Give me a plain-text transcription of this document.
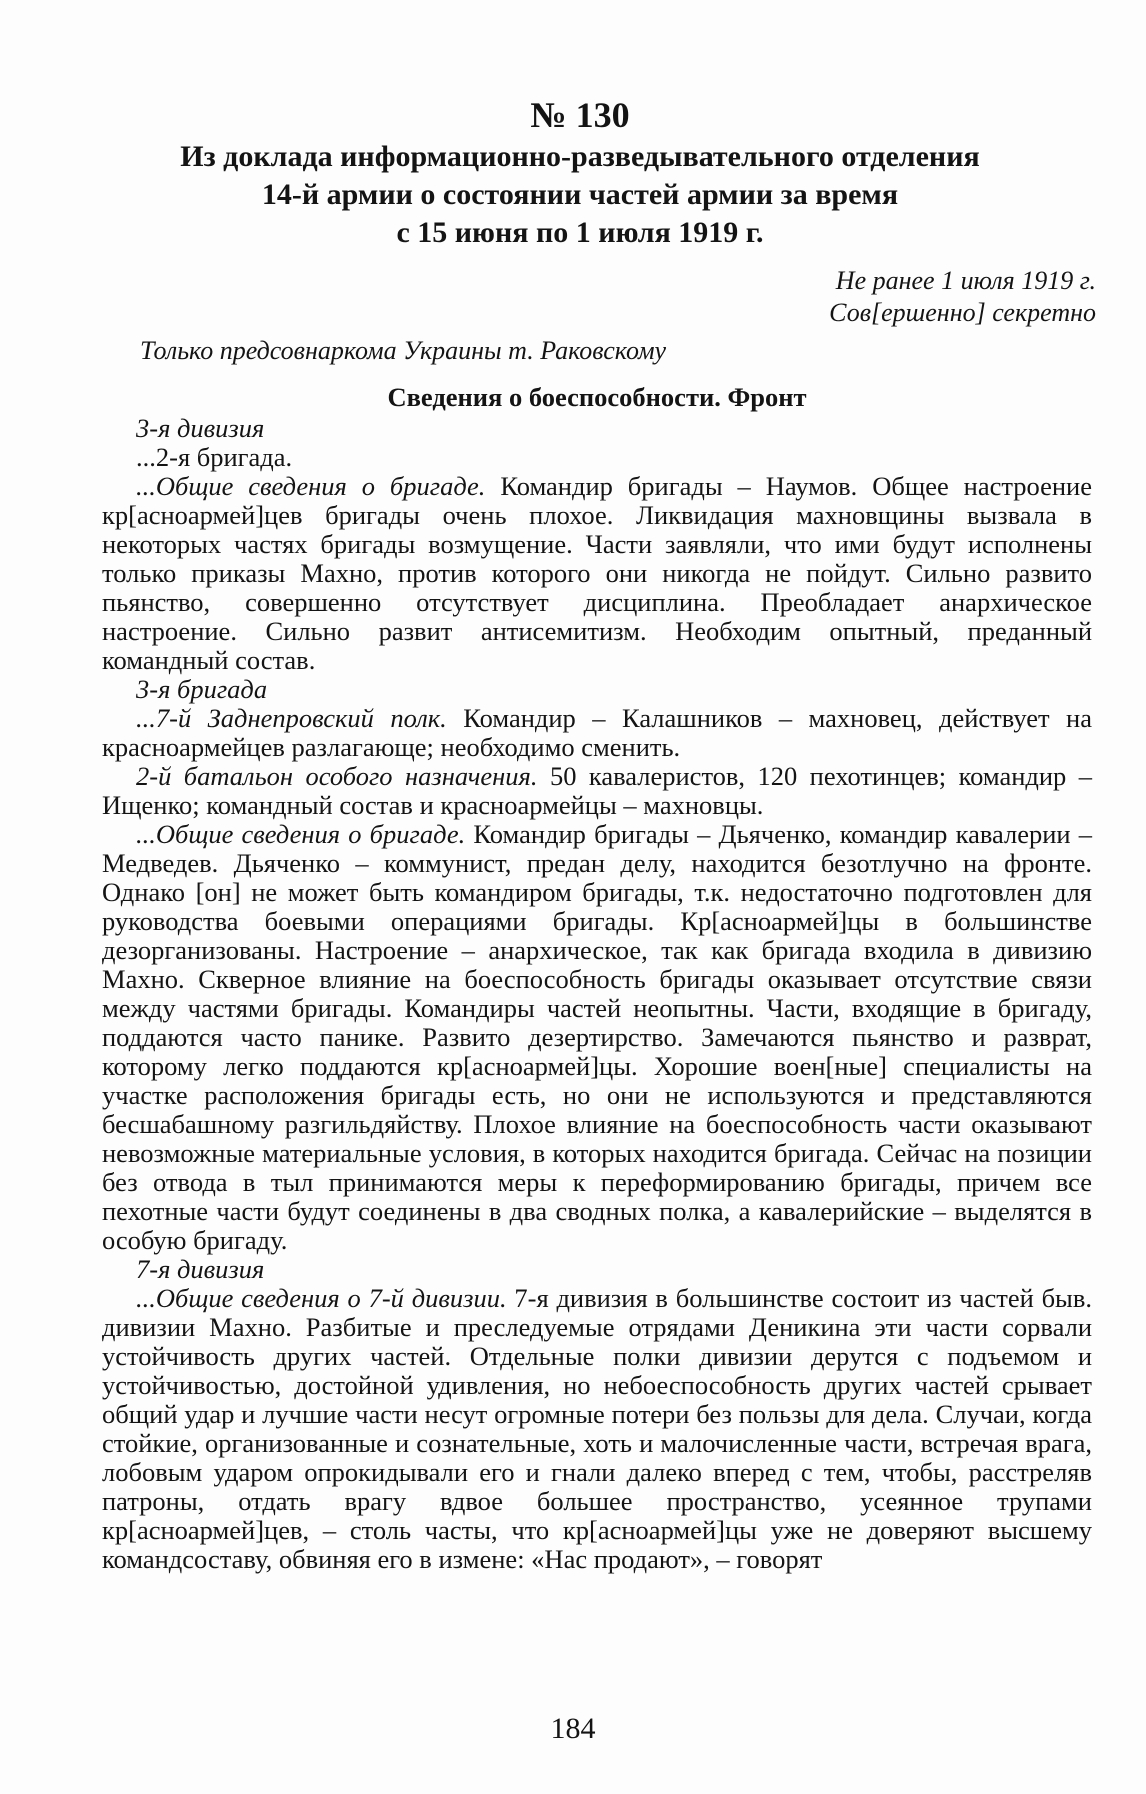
№ 130
Из доклада информационно-разведывательного отделения
14-й армии о состоянии частей армии за время
с 15 июня по 1 июля 1919 г.
Не ранее 1 июля 1919 г.
Сов[ершенно] секретно
Только предсовнаркома Украины т. Раковскому
Сведения о боеспособности. Фронт
3-я дивизия
...2-я бригада.
...Общие сведения о бригаде. Командир бригады – Наумов. Общее настроение кр[асноармей]цев бригады очень плохое. Ликвидация махновщины вызвала в некоторых частях бригады возмущение. Части заявляли, что ими будут исполнены только приказы Махно, против которого они никогда не пойдут. Сильно развито пьянство, совершенно отсутствует дисциплина. Преобладает анархическое настроение. Сильно развит антисемитизм. Необходим опытный, преданный командный состав.
3-я бригада
...7-й Заднепровский полк. Командир – Калашников – махновец, действует на красноармейцев разлагающе; необходимо сменить.
2-й батальон особого назначения. 50 кавалеристов, 120 пехотинцев; командир – Ищенко; командный состав и красноармейцы – махновцы.
...Общие сведения о бригаде. Командир бригады – Дьяченко, командир кавалерии – Медведев. Дьяченко – коммунист, предан делу, находится безотлучно на фронте. Однако [он] не может быть командиром бригады, т.к. недостаточно подготовлен для руководства боевыми операциями бригады. Кр[асноармей]цы в большинстве дезорганизованы. Настроение – анархическое, так как бригада входила в дивизию Махно. Скверное влияние на боеспособность бригады оказывает отсутствие связи между частями бригады. Командиры частей неопытны. Части, входящие в бригаду, поддаются часто панике. Развито дезертирство. Замечаются пьянство и разврат, которому легко поддаются кр[асноармей]цы. Хорошие воен[ные] специалисты на участке расположения бригады есть, но они не используются и представляются бесшабашному разгильдяйству. Плохое влияние на боеспособность части оказывают невозможные материальные условия, в которых находится бригада. Сейчас на позиции без отвода в тыл принимаются меры к переформированию бригады, причем все пехотные части будут соединены в два сводных полка, а кавалерийские – выделятся в особую бригаду.
7-я дивизия
...Общие сведения о 7-й дивизии. 7-я дивизия в большинстве состоит из частей быв. дивизии Махно. Разбитые и преследуемые отрядами Деникина эти части сорвали устойчивость других частей. Отдельные полки дивизии дерутся с подъемом и устойчивостью, достойной удивления, но небоеспособность других частей срывает общий удар и лучшие части несут огромные потери без пользы для дела. Случаи, когда стойкие, организованные и сознательные, хоть и малочисленные части, встречая врага, лобовым ударом опрокидывали его и гнали далеко вперед с тем, чтобы, расстреляв патроны, отдать врагу вдвое большее пространство, усеянное трупами кр[асноармей]цев, – столь часты, что кр[асноармей]цы уже не доверяют высшему командсоставу, обвиняя его в измене: «Нас продают», – говорят
184
